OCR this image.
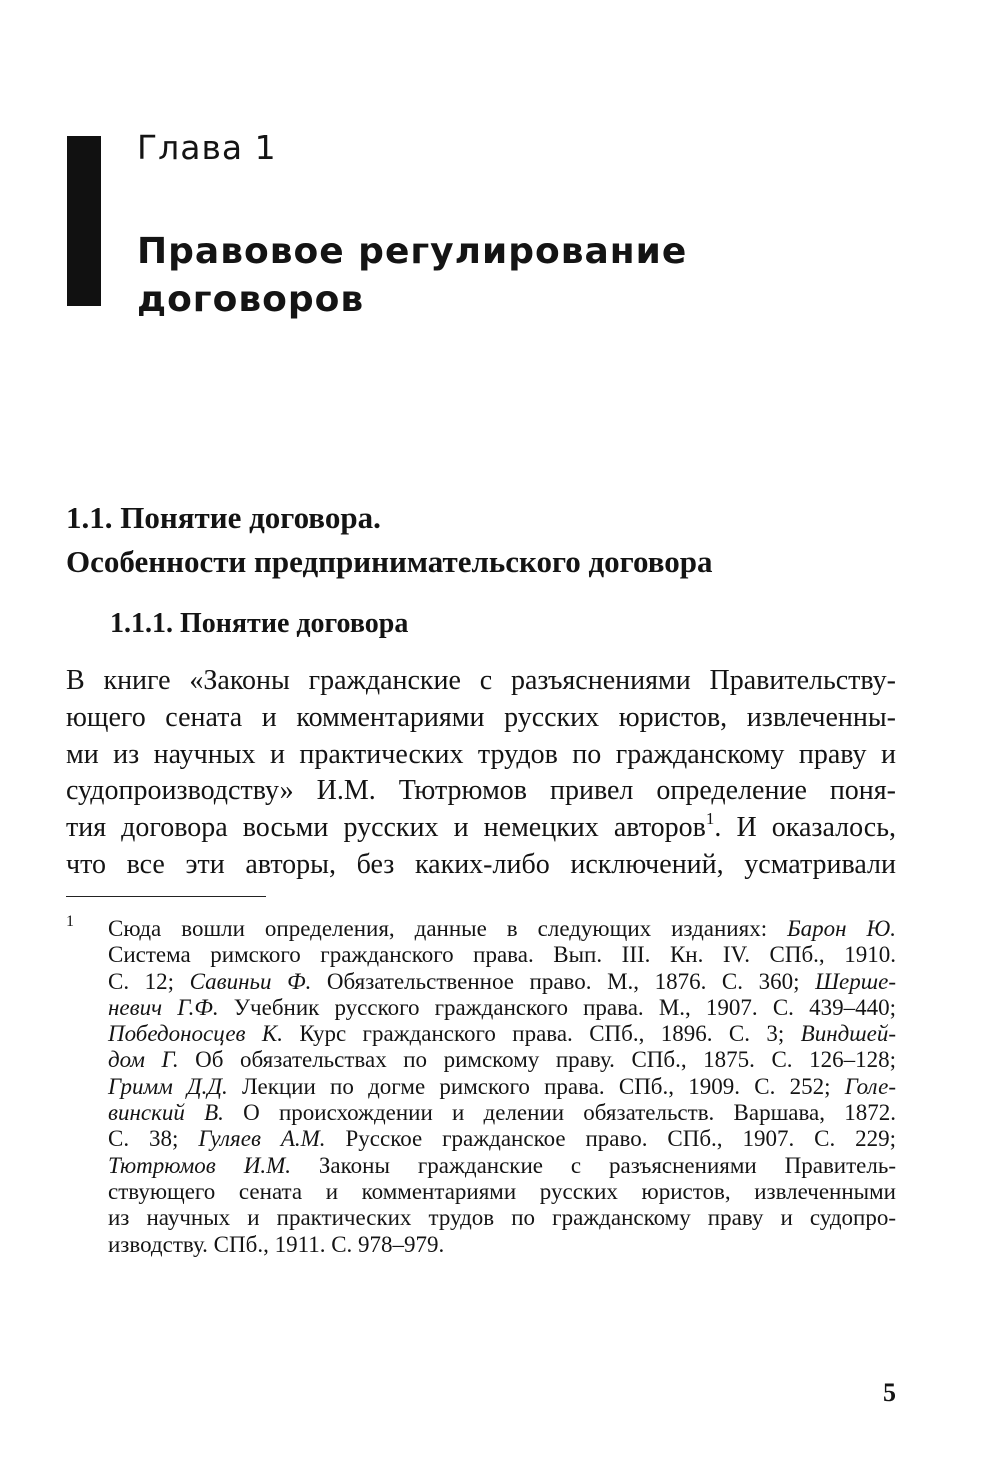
Глава 1
Правовое регулирование
договоров
1.1. Понятие договора.
Особенности предпринимательского договора
1.1.1. Понятие договора
В книге «Законы гражданские с разъяснениями Правительству-
ющего сената и комментариями русских юристов, извлеченны-
ми из научных и практических трудов по гражданскому праву и
судопроизводству» И.М. Тютрюмов привел определение поня-
тия договора восьми русских и немецких авторов$^1$. И оказалось,
что все эти авторы, без каких-либо исключений, усматривали
1 Сюда вошли определения, данные в следующих изданиях: Барон Ю.
Система римского гражданского права. Вып. III. Кн. IV. СПб., 1910.
С. 12; Савиньи Ф. Обязательственное право. М., 1876. С. 360; Шерше-
невич Г.Ф. Учебник русского гражданского права. М., 1907. С. 439–440;
Победоносцев К. Курс гражданского права. СПб., 1896. С. 3; Виндшей-
дом Г. Об обязательствах по римскому праву. СПб., 1875. С. 126–128;
Гримм Д.Д. Лекции по догме римского права. СПб., 1909. С. 252; Голе-
винский В. О происхождении и делении обязательств. Варшава, 1872.
С. 38; Гуляев А.М. Русское гражданское право. СПб., 1907. С. 229;
Тютрюмов И.М. Законы гражданские с разъяснениями Правитель-
ствующего сената и комментариями русских юристов, извлеченными
из научных и практических трудов по гражданскому праву и судопро-
изводству. СПб., 1911. С. 978–979.
5
